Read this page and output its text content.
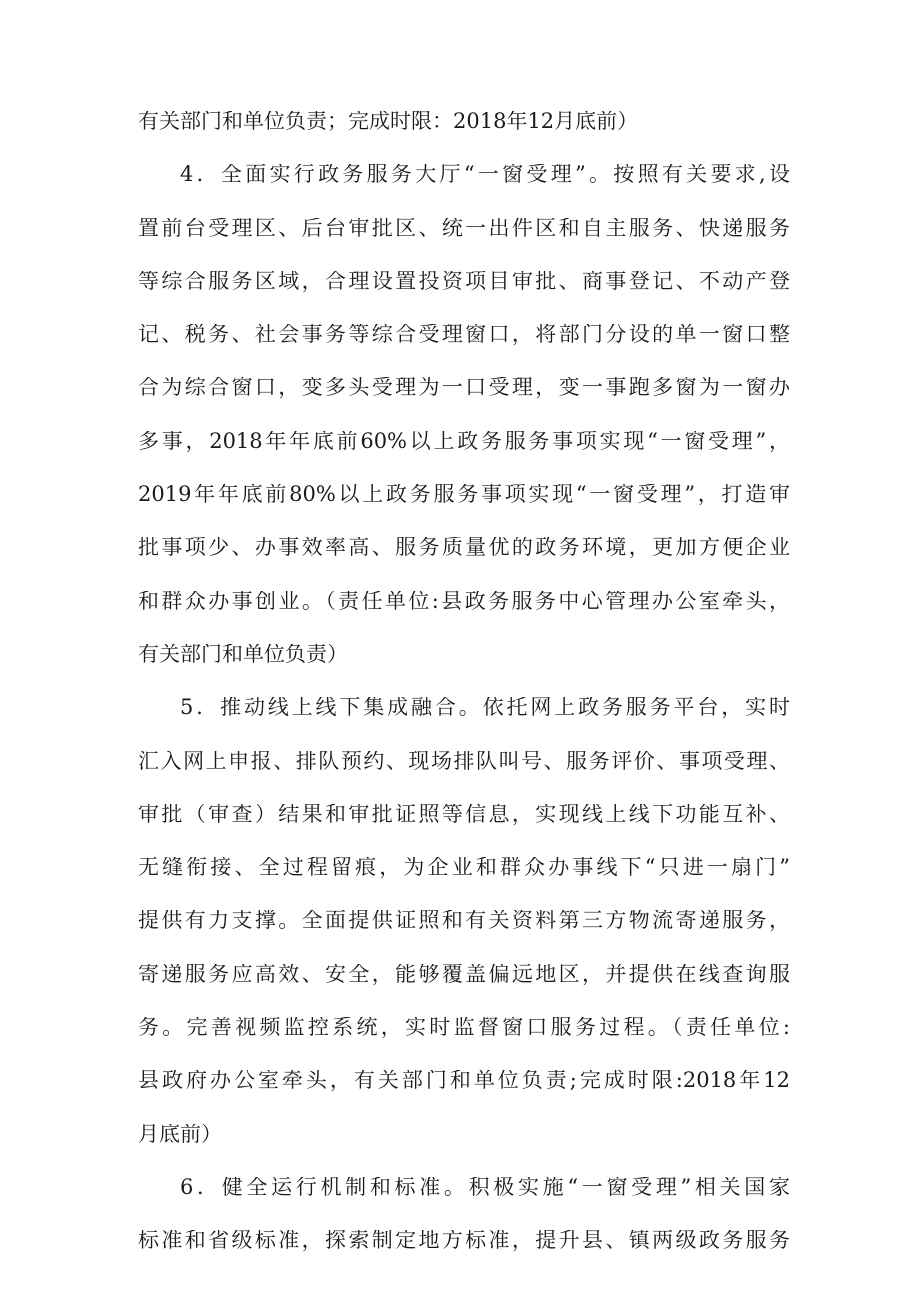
有关部门和单位负责；完成时限：2018年12月底前）
4．全面实行政务服务大厅“一窗受理”。按照有关要求,设
置前台受理区、后台审批区、统一出件区和自主服务、快递服务
等综合服务区域，合理设置投资项目审批、商事登记、不动产登
记、税务、社会事务等综合受理窗口，将部门分设的单一窗口整
合为综合窗口，变多头受理为一口受理，变一事跑多窗为一窗办
多事，2018年年底前60%以上政务服务事项实现“一窗受理”，
2019年年底前80%以上政务服务事项实现“一窗受理”，打造审
批事项少、办事效率高、服务质量优的政务环境，更加方便企业
和群众办事创业。（责任单位:县政务服务中心管理办公室牵头，
有关部门和单位负责）
5．推动线上线下集成融合。依托网上政务服务平台，实时
汇入网上申报、排队预约、现场排队叫号、服务评价、事项受理、
审批（审查）结果和审批证照等信息，实现线上线下功能互补、
无缝衔接、全过程留痕，为企业和群众办事线下“只进一扇门”
提供有力支撑。全面提供证照和有关资料第三方物流寄递服务，
寄递服务应高效、安全，能够覆盖偏远地区，并提供在线查询服
务。完善视频监控系统，实时监督窗口服务过程。（责任单位:
县政府办公室牵头，有关部门和单位负责;完成时限:2018年12
月底前）
6．健全运行机制和标准。积极实施“一窗受理”相关国家
标准和省级标准，探索制定地方标准，提升县、镇两级政务服务
